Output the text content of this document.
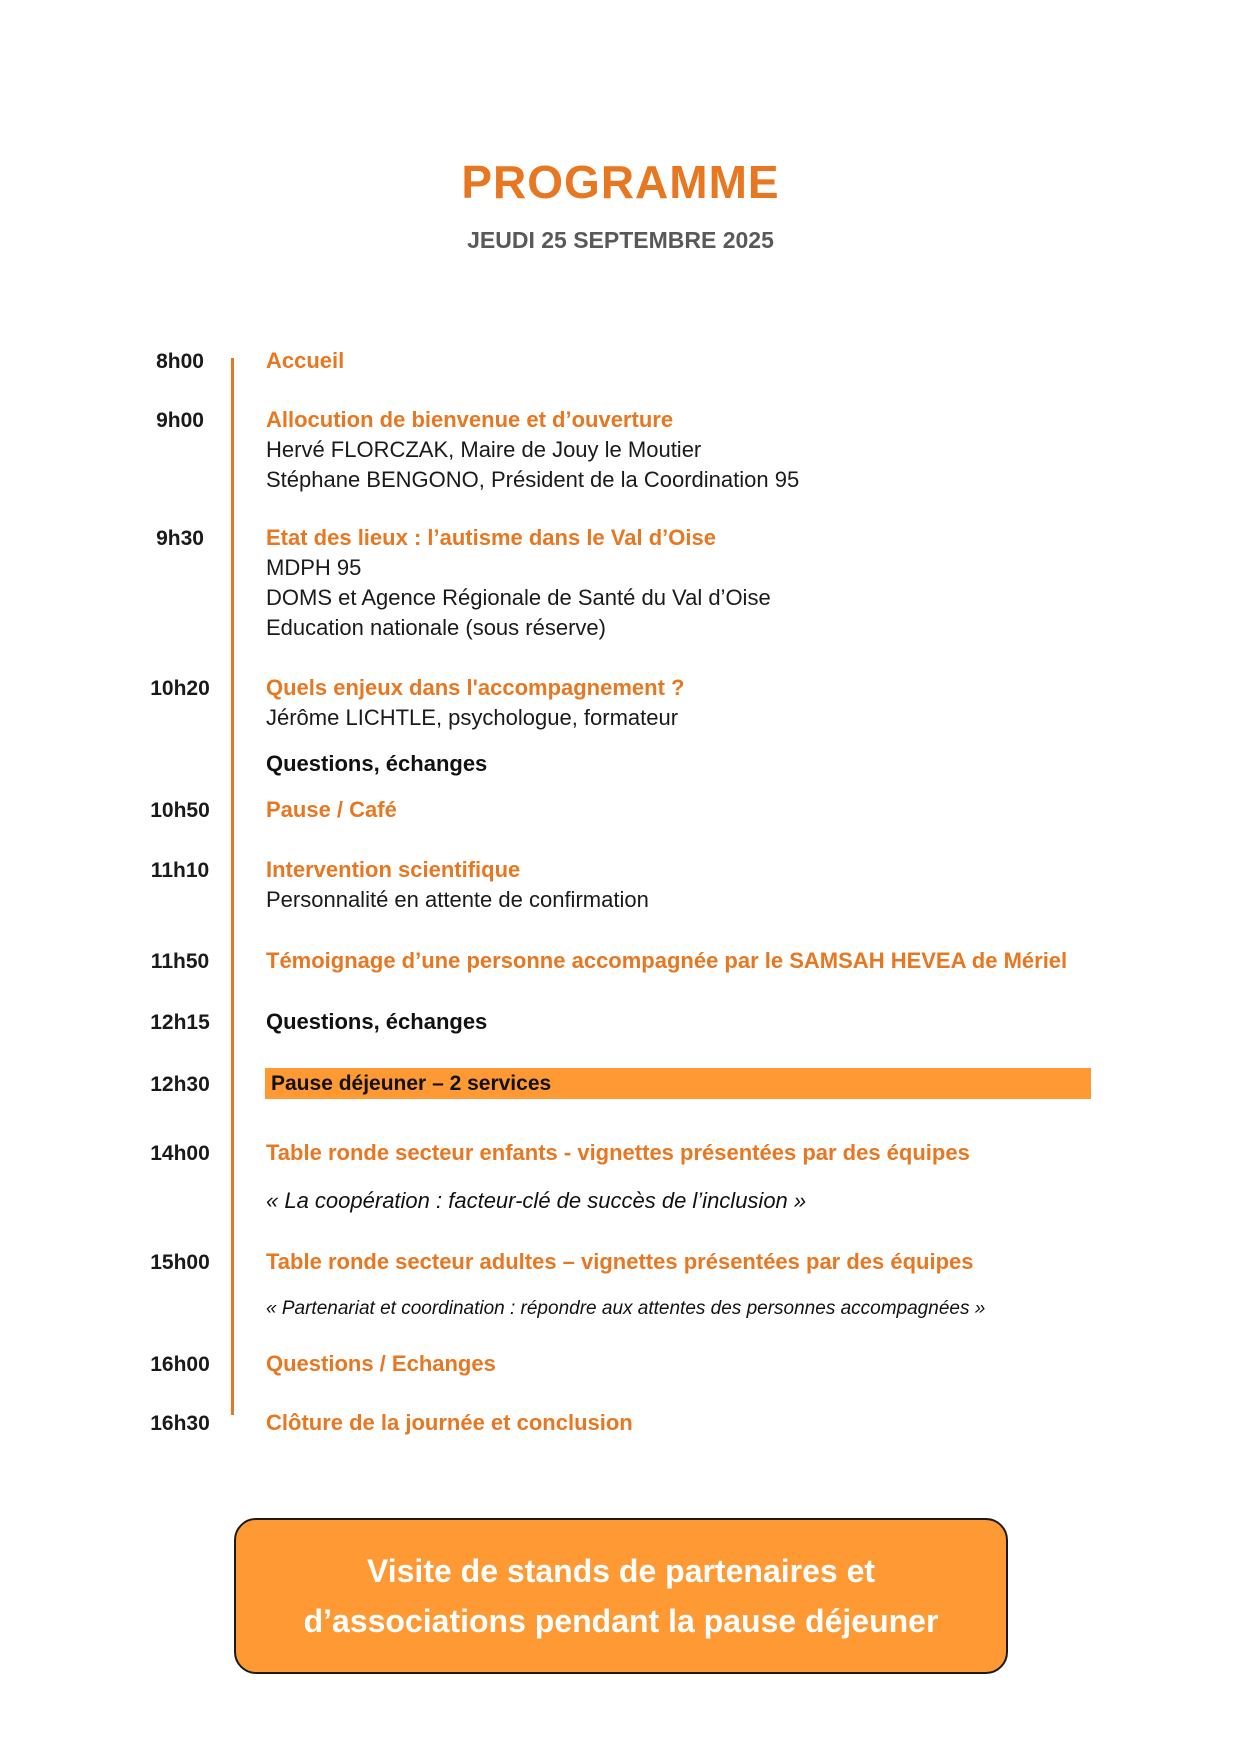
PROGRAMME
JEUDI 25 SEPTEMBRE 2025
8h00	Accueil
9h00	Allocution de bienvenue et d’ouverture
Hervé FLORCZAK, Maire de Jouy le Moutier
Stéphane BENGONO, Président de la Coordination 95
9h30	Etat des lieux : l’autisme dans le Val d’Oise
MDPH 95
DOMS et Agence Régionale de Santé du Val d’Oise
Education nationale (sous réserve)
10h20	Quels enjeux dans l'accompagnement ?
Jérôme LICHTLE, psychologue, formateur
Questions, échanges
10h50	Pause / Café
11h10	Intervention scientifique
Personnalité en attente de confirmation
11h50	Témoignage d’une personne accompagnée par le SAMSAH HEVEA de Mériel
12h15	Questions, échanges
12h30	Pause déjeuner – 2 services
14h00	Table ronde secteur enfants - vignettes présentées par des équipes
« La coopération : facteur-clé de succès de l’inclusion »
15h00	Table ronde secteur adultes – vignettes présentées par des équipes
« Partenariat et coordination : répondre aux attentes des personnes accompagnées »
16h00	Questions / Echanges
16h30	Clôture de la journée et conclusion
Visite de stands de partenaires et
d’associations pendant la pause déjeuner
